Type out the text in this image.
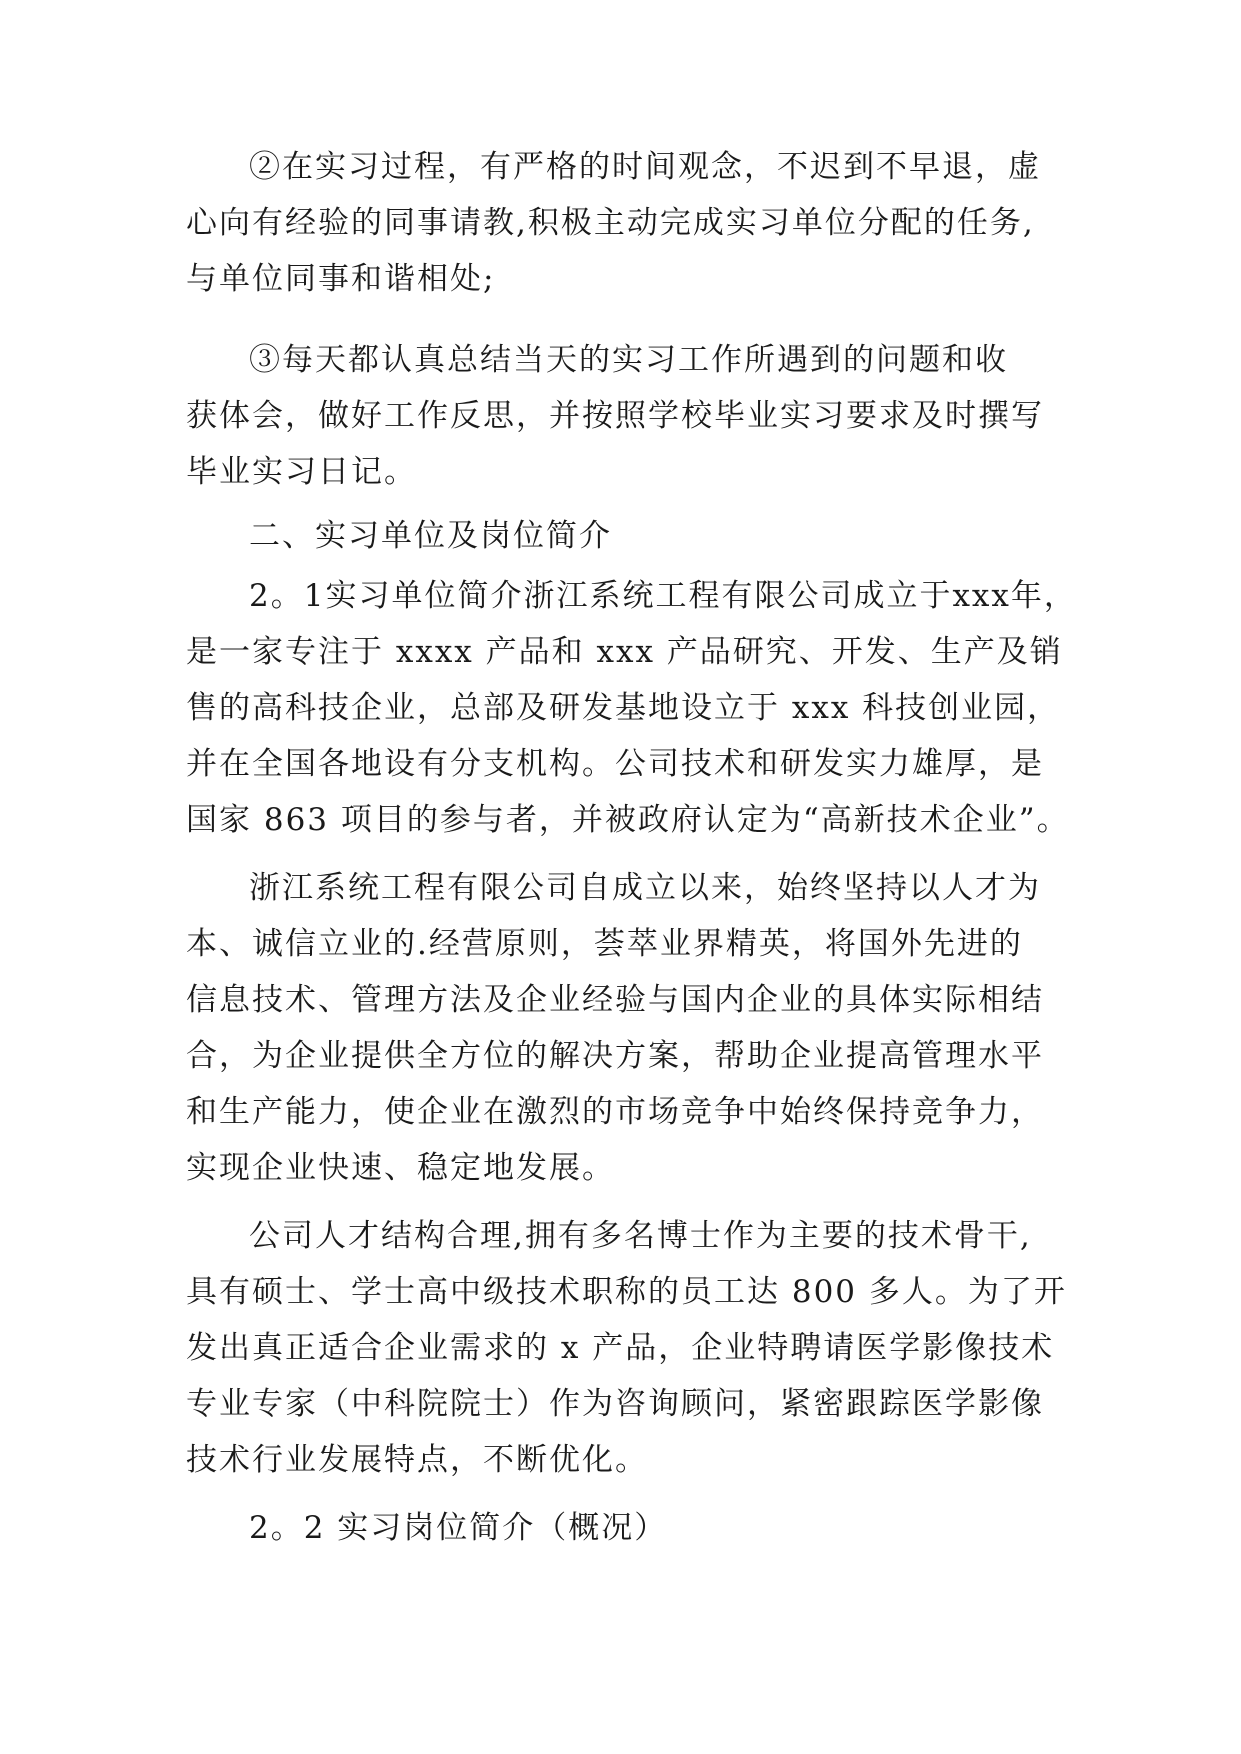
②在实习过程，有严格的时间观念，不迟到不早退，虚
心向有经验的同事请教,积极主动完成实习单位分配的任务,
与单位同事和谐相处;
③每天都认真总结当天的实习工作所遇到的问题和收
获体会，做好工作反思，并按照学校毕业实习要求及时撰写
毕业实习日记。
二、实习单位及岗位简介
2。1实习单位简介浙江系统工程有限公司成立于xxx年，
是一家专注于 xxxx 产品和 xxx 产品研究、开发、生产及销
售的高科技企业，总部及研发基地设立于 xxx 科技创业园，
并在全国各地设有分支机构。公司技术和研发实力雄厚，是
国家 863 项目的参与者，并被政府认定为“高新技术企业”。
浙江系统工程有限公司自成立以来，始终坚持以人才为
本、诚信立业的.经营原则，荟萃业界精英，将国外先进的
信息技术、管理方法及企业经验与国内企业的具体实际相结
合，为企业提供全方位的解决方案，帮助企业提高管理水平
和生产能力，使企业在激烈的市场竞争中始终保持竞争力，
实现企业快速、稳定地发展。
公司人才结构合理,拥有多名博士作为主要的技术骨干,
具有硕士、学士高中级技术职称的员工达 800 多人。为了开
发出真正适合企业需求的 x 产品，企业特聘请医学影像技术
专业专家（中科院院士）作为咨询顾问，紧密跟踪医学影像
技术行业发展特点，不断优化。
2。2 实习岗位简介（概况）
